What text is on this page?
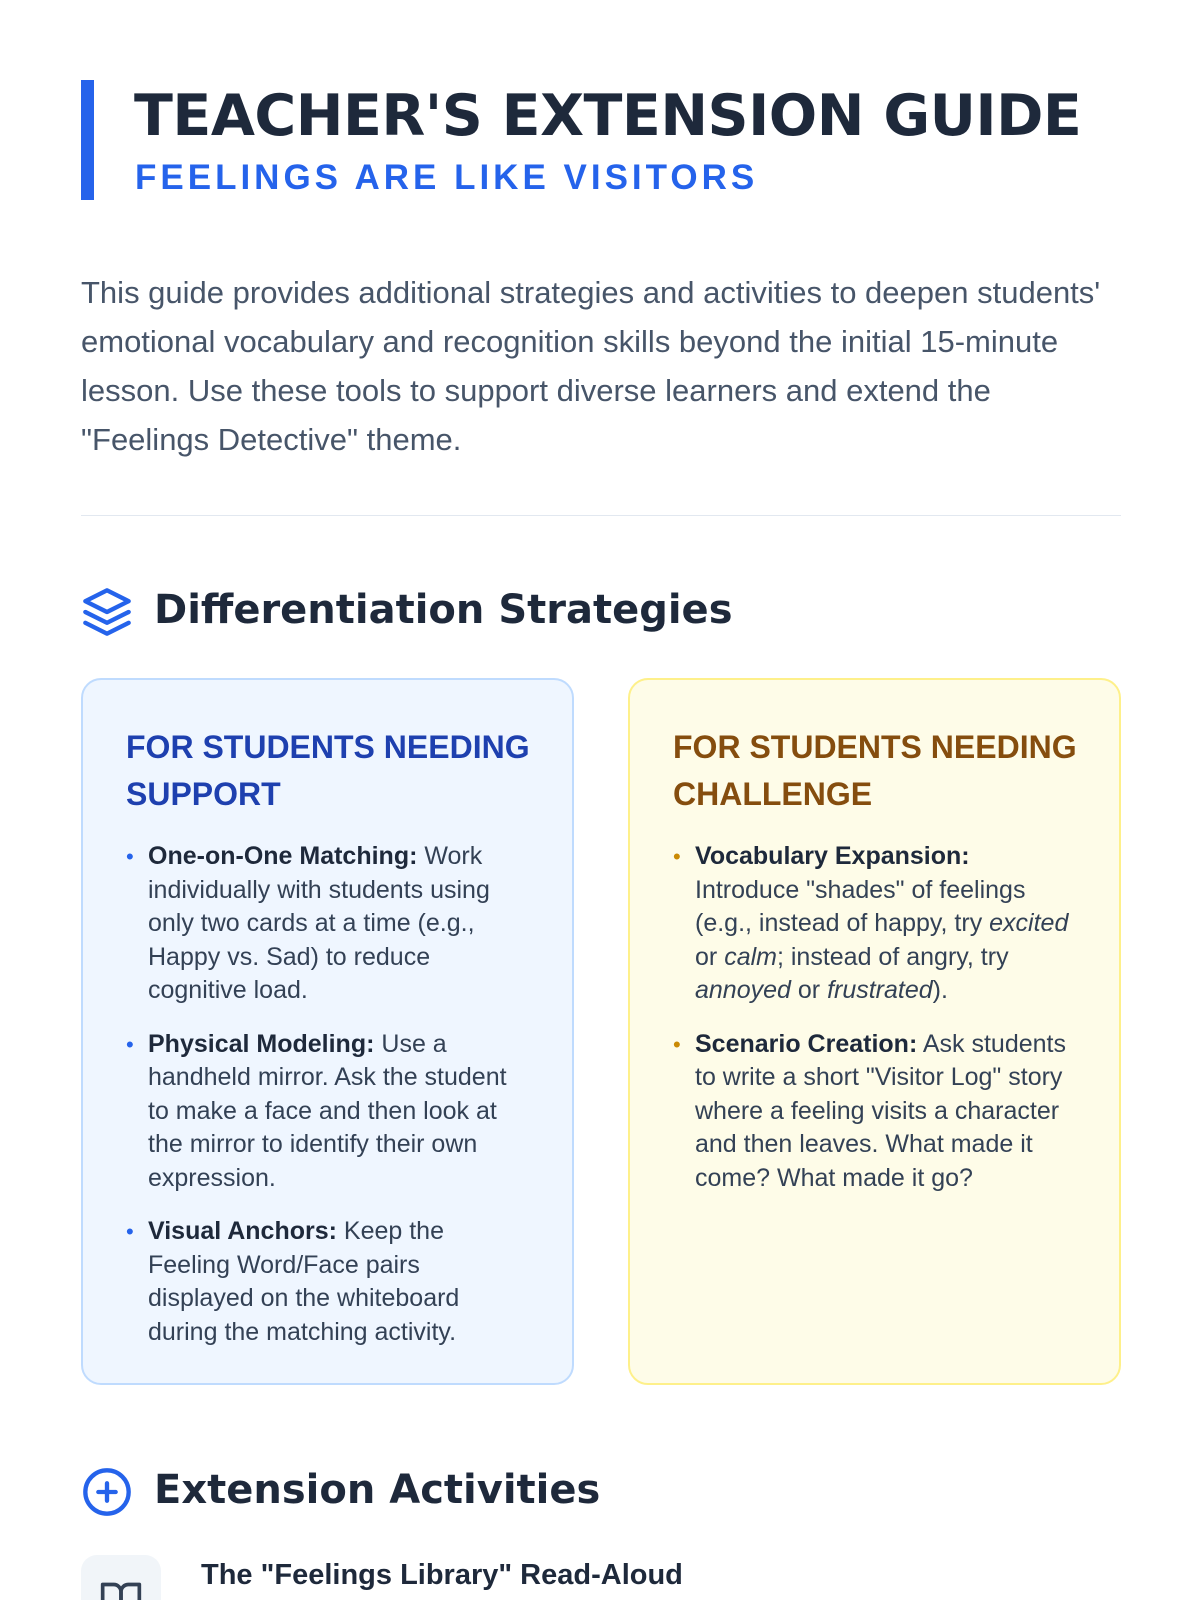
TEACHER'S EXTENSION GUIDE
FEELINGS ARE LIKE VISITORS

This guide provides additional strategies and activities to deepen students' emotional vocabulary and recognition skills beyond the initial 15-minute lesson. Use these tools to support diverse learners and extend the "Feelings Detective" theme.

Differentiation Strategies
FOR STUDENTS NEEDING SUPPORT
• One-on-One Matching: Work individually with students using only two cards at a time (e.g., Happy vs. Sad) to reduce cognitive load.
• Physical Modeling: Use a handheld mirror. Ask the student to make a face and then look at the mirror to identify their own expression.
• Visual Anchors: Keep the Feeling Word/Face pairs displayed on the whiteboard during the matching activity.
FOR STUDENTS NEEDING CHALLENGE
• Vocabulary Expansion: Introduce "shades" of feelings (e.g., instead of happy, try excited or calm; instead of angry, try annoyed or frustrated).
• Scenario Creation: Ask students to write a short "Visitor Log" story where a feeling visits a character and then leaves. What made it come? What made it go?
Extension Activities
The "Feelings Library" Read-Aloud
